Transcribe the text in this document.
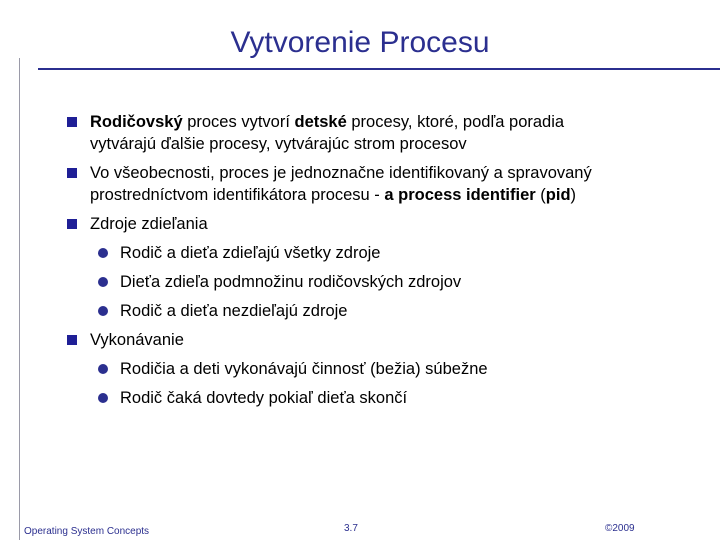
Vytvorenie Procesu
Rodičovský proces vytvorí detské procesy, ktoré, podľa poradia
vytvárajú ďalšie procesy, vytvárajúc strom procesov
Vo všeobecnosti, proces je jednoznačne identifikovaný a spravovaný
prostredníctvom identifikátora procesu - a process identifier (pid)
Zdroje zdieľania
Rodič a dieťa zdieľajú všetky zdroje
Dieťa zdieľa podmnožinu rodičovských zdrojov
Rodič a dieťa nezdieľajú zdroje
Vykonávanie
Rodičia a deti vykonávajú činnosť (bežia) súbežne
Rodič čaká dovtedy pokiaľ dieťa skončí
Operating System Concepts	3.7	©2009
